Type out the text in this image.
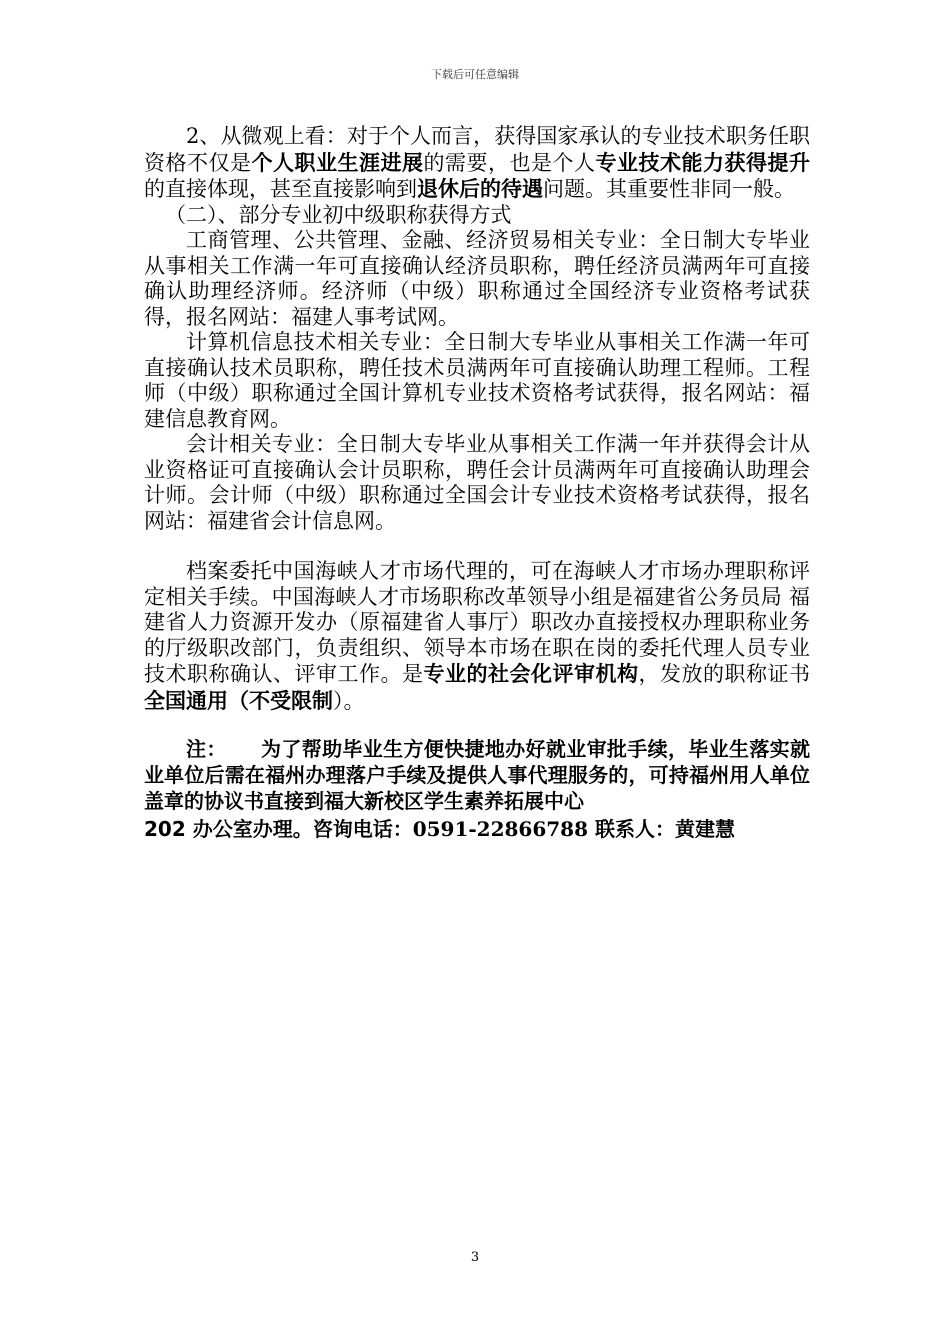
下载后可任意编辑

2、从微观上看：对于个人而言，获得国家承认的专业技术职务任职资格不仅是个人职业生涯进展的需要，也是个人专业技术能力获得提升的直接体现，甚至直接影响到退休后的待遇问题。其重要性非同一般。

（二）、部分专业初中级职称获得方式

工商管理、公共管理、金融、经济贸易相关专业：全日制大专毕业从事相关工作满一年可直接确认经济员职称，聘任经济员满两年可直接确认助理经济师。经济师（中级）职称通过全国经济专业资格考试获得，报名网站：福建人事考试网。

计算机信息技术相关专业：全日制大专毕业从事相关工作满一年可直接确认技术员职称，聘任技术员满两年可直接确认助理工程师。工程师（中级）职称通过全国计算机专业技术资格考试获得，报名网站：福建信息教育网。

会计相关专业：全日制大专毕业从事相关工作满一年并获得会计从业资格证可直接确认会计员职称，聘任会计员满两年可直接确认助理会计师。会计师（中级）职称通过全国会计专业技术资格考试获得，报名网站：福建省会计信息网。

档案委托中国海峡人才市场代理的，可在海峡人才市场办理职称评定相关手续。中国海峡人才市场职称改革领导小组是福建省公务员局 福建省人力资源开发办（原福建省人事厅）职改办直接授权办理职称业务的厅级职改部门，负责组织、领导本市场在职在岗的委托代理人员专业技术职称确认、评审工作。是专业的社会化评审机构，发放的职称证书全国通用（不受限制）。

注： 为了帮助毕业生方便快捷地办好就业审批手续，毕业生落实就业单位后需在福州办理落户手续及提供人事代理服务的，可持福州用人单位盖章的协议书直接到福大新校区学生素养拓展中心

202 办公室办理。咨询电话：0591-22866788 联系人：黄建慧

3
